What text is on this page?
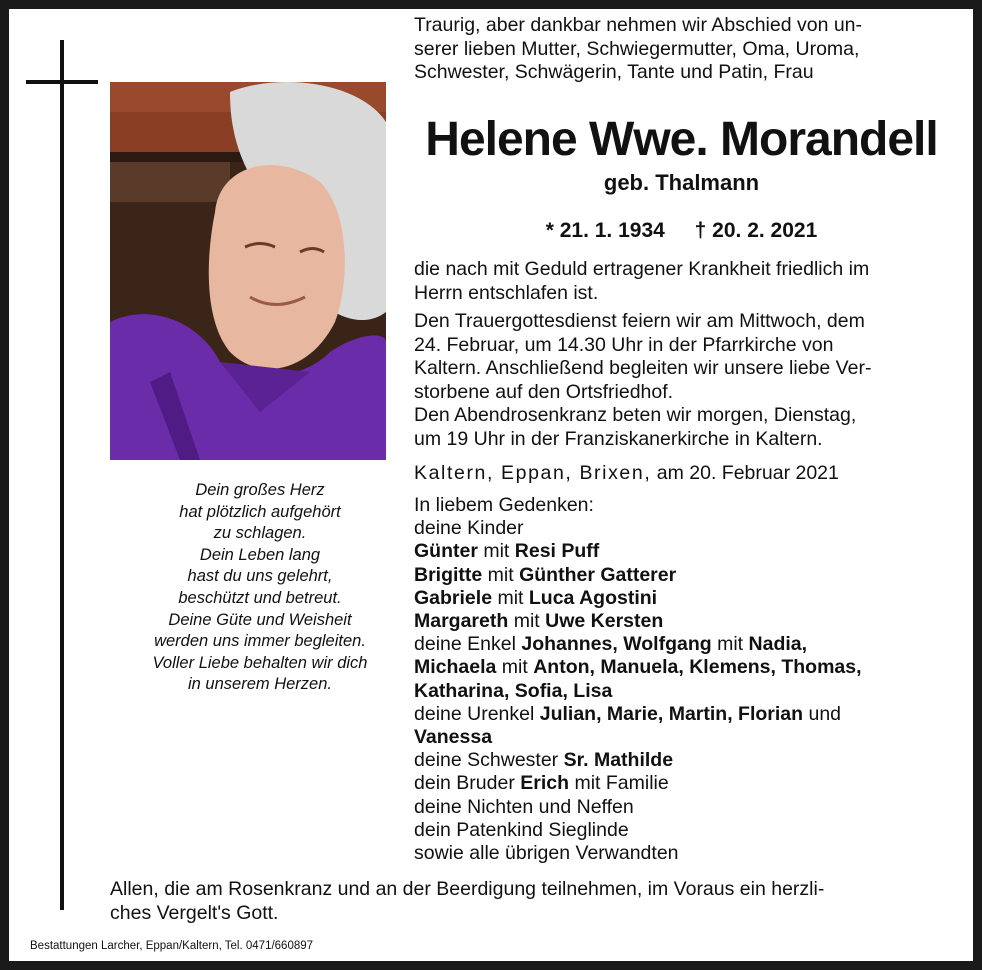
Dein großes Herz
hat plötzlich aufgehört
zu schlagen.
Dein Leben lang
hast du uns gelehrt,
beschützt und betreut.
Deine Güte und Weisheit
werden uns immer begleiten.
Voller Liebe behalten wir dich
in unserem Herzen.
Traurig, aber dankbar nehmen wir Abschied von un-
serer lieben Mutter, Schwiegermutter, Oma, Uroma,
Schwester, Schwägerin, Tante und Patin, Frau
Helene Wwe. Morandell
geb. Thalmann
* 21. 1. 1934 † 20. 2. 2021
die nach mit Geduld ertragener Krankheit friedlich im
Herrn entschlafen ist.
Den Trauergottesdienst feiern wir am Mittwoch, dem
24. Februar, um 14.30 Uhr in der Pfarrkirche von
Kaltern. Anschließend begleiten wir unsere liebe Ver-
storbene auf den Ortsfriedhof.
Den Abendrosenkranz beten wir morgen, Dienstag,
um 19 Uhr in der Franziskanerkirche in Kaltern.
Kaltern, Eppan, Brixen, am 20. Februar 2021
In liebem Gedenken:
deine Kinder
Günter mit Resi Puff
Brigitte mit Günther Gatterer
Gabriele mit Luca Agostini
Margareth mit Uwe Kersten
deine Enkel Johannes, Wolfgang mit Nadia,
Michaela mit Anton, Manuela, Klemens, Thomas,
Katharina, Sofia, Lisa
deine Urenkel Julian, Marie, Martin, Florian und
Vanessa
deine Schwester Sr. Mathilde
dein Bruder Erich mit Familie
deine Nichten und Neffen
dein Patenkind Sieglinde
sowie alle übrigen Verwandten
Allen, die am Rosenkranz und an der Beerdigung teilnehmen, im Voraus ein herzli-
ches Vergelt's Gott.
Bestattungen Larcher, Eppan/Kaltern, Tel. 0471/660897
